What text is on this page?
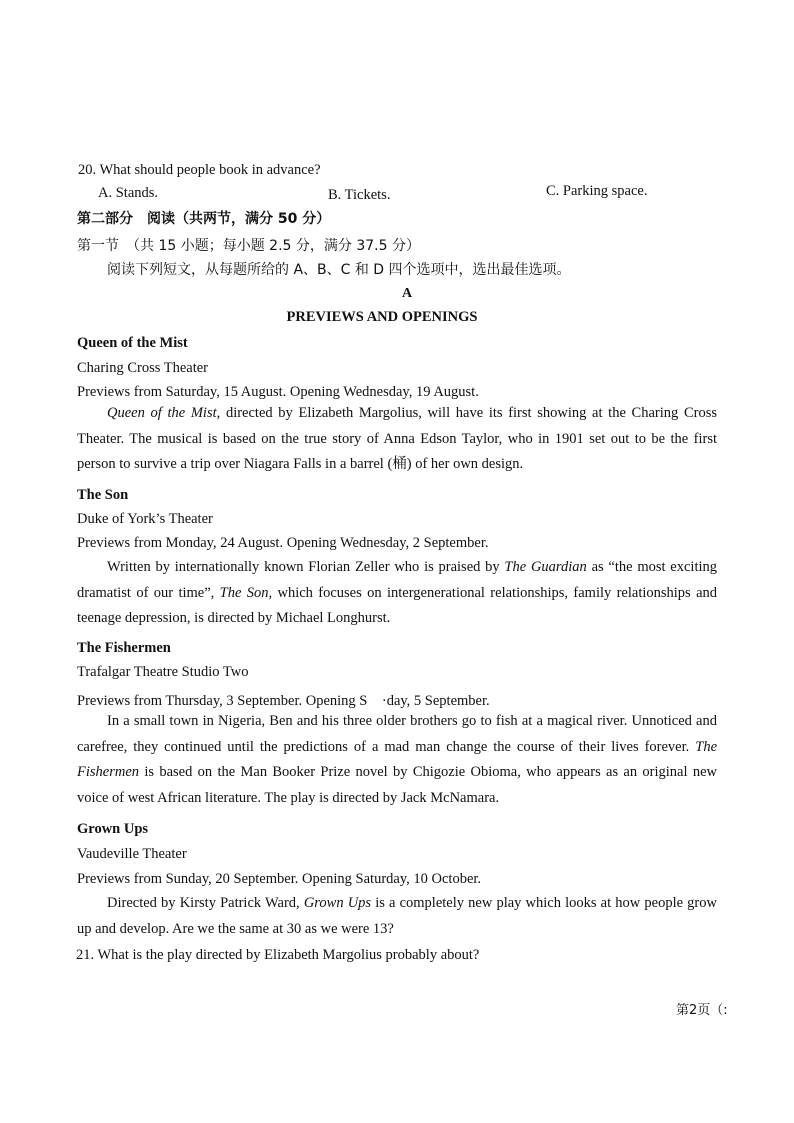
20. What should people book in advance?
A. Stands.	B. Tickets.	C. Parking space.
第二部分　阅读（共两节，满分 50 分）
第一节　（共 15 小题；每小题 2.5 分，满分 37.5 分）
阅读下列短文，从每题所给的 A、B、C 和 D 四个选项中，选出最佳选项。
A
PREVIEWS AND OPENINGS
Queen of the Mist
Charing Cross Theater
Previews from Saturday, 15 August. Opening Wednesday, 19 August.

Queen of the Mist, directed by Elizabeth Margolius, will have its first showing at the Charing Cross Theater. The musical is based on the true story of Anna Edson Taylor, who in 1901 set out to be the first person to survive a trip over Niagara Falls in a barrel (桶) of her own design.

The Son
Duke of York’s Theater
Previews from Monday, 24 August. Opening Wednesday, 2 September.

Written by internationally known Florian Zeller who is praised by The Guardian as “the most exciting dramatist of our time”, The Son, which focuses on intergenerational relationships, family relationships and teenage depression, is directed by Michael Longhurst.

The Fishermen
Trafalgar Theatre Studio Two
Previews from Thursday, 3 September. Opening S　·day, 5 September.

In a small town in Nigeria, Ben and his three older brothers go to fish at a magical river. Unnoticed and carefree, they continued until the predictions of a mad man change the course of their lives forever. The Fishermen is based on the Man Booker Prize novel by Chigozie Obioma, who appears as an original new voice of west African literature. The play is directed by Jack McNamara.

Grown Ups
Vaudeville Theater
Previews from Sunday, 20 September. Opening Saturday, 10 October.

Directed by Kirsty Patrick Ward, Grown Ups is a completely new play which looks at how people grow up and develop. Are we the same at 30 as we were 13?

21. What is the play directed by Elizabeth Margolius probably about?
第2页（:
